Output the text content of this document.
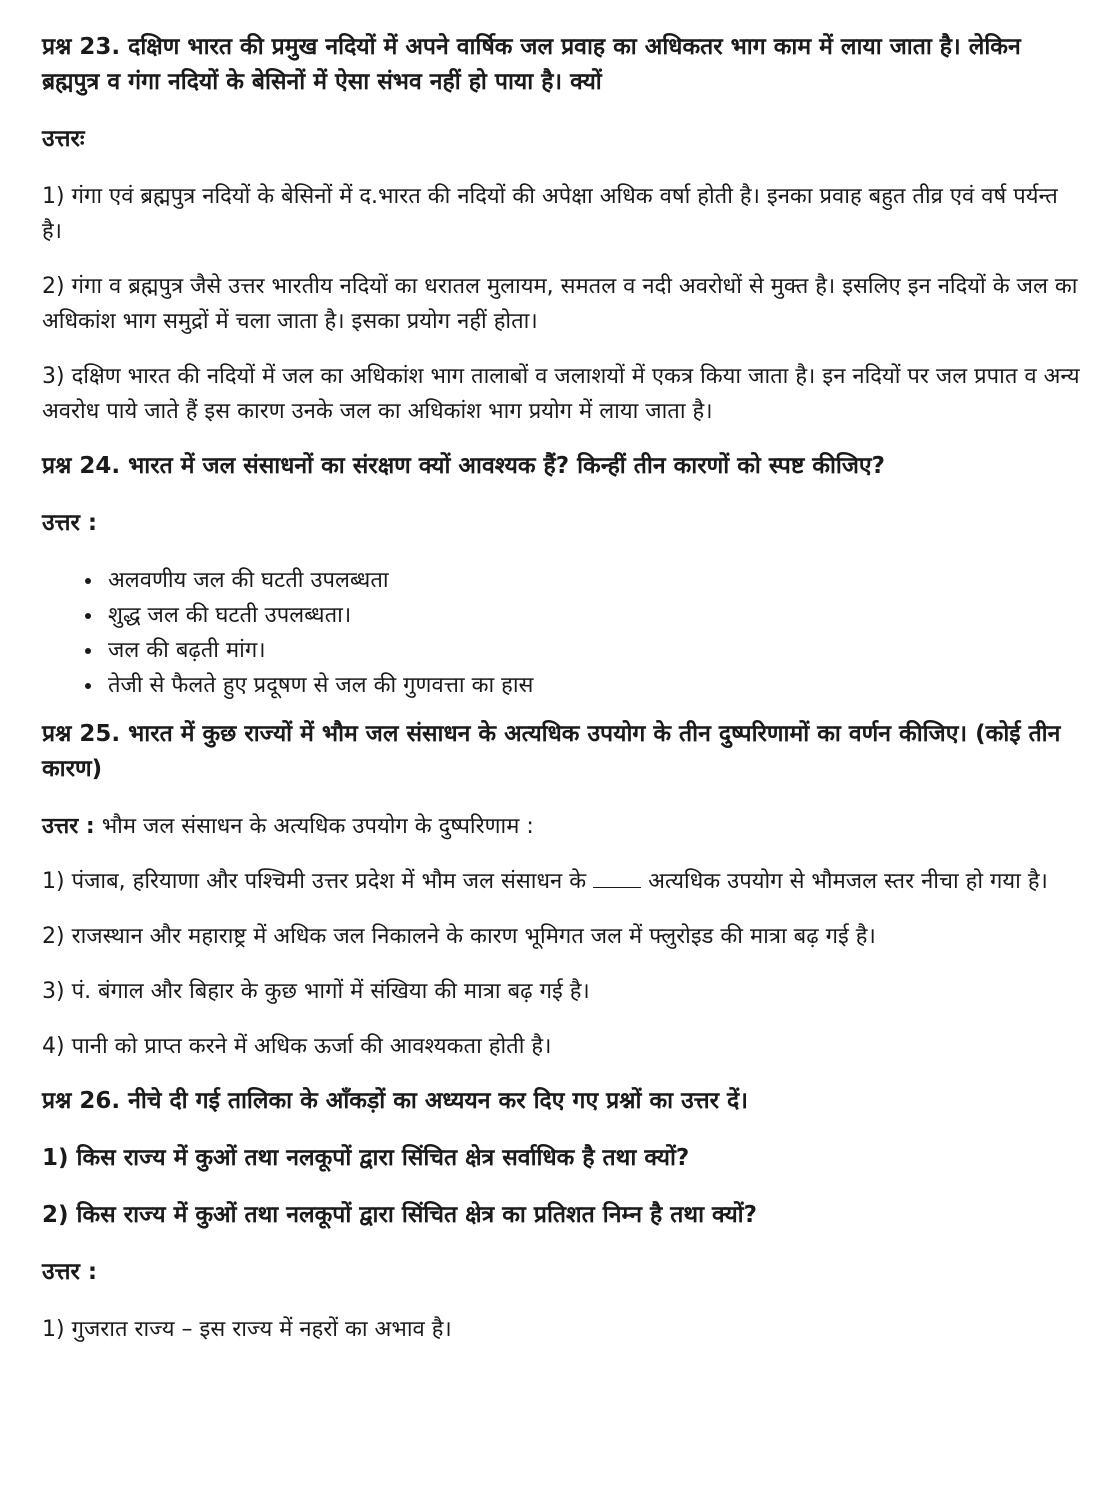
प्रश्न 23. दक्षिण भारत की प्रमुख नदियों में अपने वार्षिक जल प्रवाह का अधिकतर भाग काम में लाया जाता है। लेकिन ब्रह्मपुत्र व गंगा नदियों के बेसिनों में ऐसा संभव नहीं हो पाया है। क्यों
उत्तरः
1) गंगा एवं ब्रह्मपुत्र नदियों के बेसिनों में द.भारत की नदियों की अपेक्षा अधिक वर्षा होती है। इनका प्रवाह बहुत तीव्र एवं वर्ष पर्यन्त है।
2) गंगा व ब्रह्मपुत्र जैसे उत्तर भारतीय नदियों का धरातल मुलायम, समतल व नदी अवरोधों से मुक्त है। इसलिए इन नदियों के जल का अधिकांश भाग समुद्रों में चला जाता है। इसका प्रयोग नहीं होता।
3) दक्षिण भारत की नदियों में जल का अधिकांश भाग तालाबों व जलाशयों में एकत्र किया जाता है। इन नदियों पर जल प्रपात व अन्य अवरोध पाये जाते हैं इस कारण उनके जल का अधिकांश भाग प्रयोग में लाया जाता है।
प्रश्न 24. भारत में जल संसाधनों का संरक्षण क्यों आवश्यक हैं? किन्हीं तीन कारणों को स्पष्ट कीजिए?
उत्तर :
• अलवणीय जल की घटती उपलब्धता
• शुद्ध जल की घटती उपलब्धता।
• जल की बढ़ती मांग।
• तेजी से फैलते हुए प्रदूषण से जल की गुणवत्ता का हास
प्रश्न 25. भारत में कुछ राज्यों में भौम जल संसाधन के अत्यधिक उपयोग के तीन दुष्परिणामों का वर्णन कीजिए। (कोई तीन कारण)
उत्तर : भौम जल संसाधन के अत्यधिक उपयोग के दुष्परिणाम :
1) पंजाब, हरियाणा और पश्चिमी उत्तर प्रदेश में भौम जल संसाधन के	अत्यधिक उपयोग से भौमजल स्तर नीचा हो गया है।
2) राजस्थान और महाराष्ट्र में अधिक जल निकालने के कारण भूमिगत जल में फ्लुरोइड की मात्रा बढ़ गई है।
3) पं. बंगाल और बिहार के कुछ भागों में संखिया की मात्रा बढ़ गई है।
4) पानी को प्राप्त करने में अधिक ऊर्जा की आवश्यकता होती है।
प्रश्न 26. नीचे दी गई तालिका के आँकड़ों का अध्ययन कर दिए गए प्रश्नों का उत्तर दें।
1) किस राज्य में कुओं तथा नलकूपों द्वारा सिंचित क्षेत्र सर्वाधिक है तथा क्यों?
2) किस राज्य में कुओं तथा नलकूपों द्वारा सिंचित क्षेत्र का प्रतिशत निम्न है तथा क्यों?
उत्तर :
1) गुजरात राज्य – इस राज्य में नहरों का अभाव है।
